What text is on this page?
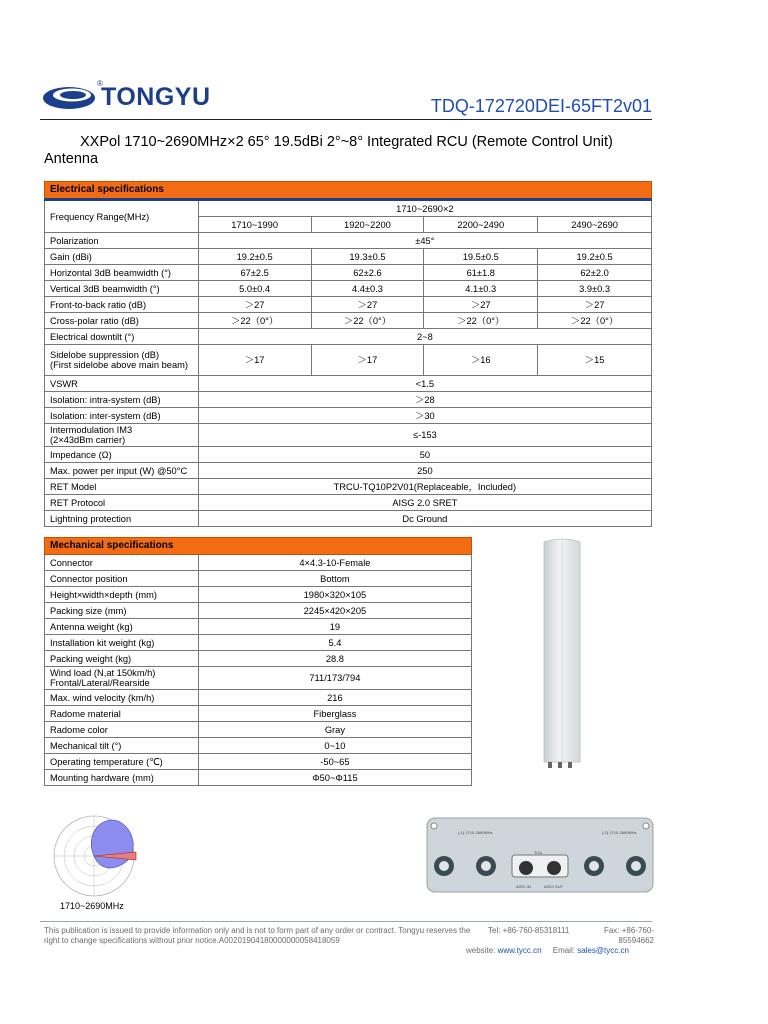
®
TONGYU	TDQ-172720DEI-65FT2v01
XXPol 1710~2690MHz×2 65° 19.5dBi 2°~8° Integrated RCU (Remote Control Unit) Antenna
Electrical specifications				
Frequency Range(MHz)	1710~2690×2			
	1710~1990	1920~2200	2200~2490	2490~2690
Polarization	±45°			
Gain (dBi)	19.2±0.5	19.3±0.5	19.5±0.5	19.2±0.5
Horizontal 3dB beamwidth (°)	67±2.5	62±2.6	61±1.8	62±2.0
Vertical 3dB beamwidth (°)	5.0±0.4	4.4±0.3	4.1±0.3	3.9±0.3
Front-to-back ratio (dB)	＞27	＞27	＞27	＞27
Cross-polar ratio (dB)	＞22（0°）	＞22（0°）	＞22（0°）	＞22（0°）
Electrical downtilt (°)	2~8			
Sidelobe suppression (dB)
(First sidelobe above main beam)	＞17	＞17	＞16	＞15
VSWR	<1.5			
Isolation: intra-system (dB)	＞28			
Isolation: inter-system (dB)	＞30			
Intermodulation IM3
(2×43dBm carrier)	≤-153			
Impedance (Ω)	50			
Max. power per input (W) @50°C	250			
RET Model	TRCU-TQ10P2V01(Replaceable，Included)			
RET Protocol	AISG 2.0 SRET			
Lightning protection	Dc Ground			
Mechanical specifications	
Connector	4×4.3-10-Female
Connector position	Bottom
Height×width×depth (mm)	1980×320×105
Packing size (mm)	2245×420×205
Antenna weight (kg)	19
Installation kit weight (kg)	5.4
Packing weight (kg)	28.8
Wind load (N,at 150km/h)
Frontal/Lateral/Rearside	711/173/794
Max. wind velocity (km/h)	216
Radome material	Fiberglass
Radome color	Gray
Mechanical tilt (°)	0~10
Operating temperature (℃)	-50~65
Mounting hardware (mm)	Φ50~Φ115
1710~2690MHz
(-1) 1710-2690MHz	(-2) 1710-2690MHz
TCU
AISG IN	AISG OUT
This publication is issued to provide information only and is not to form part of any order or contract. Tongyu reserves the right to change specifications without prior notice.A00201904180000000058418059
Tel: +86-760-85318111	Fax: +86-760-85594662
website: www.tycc.cn Email: sales@tycc.cn
